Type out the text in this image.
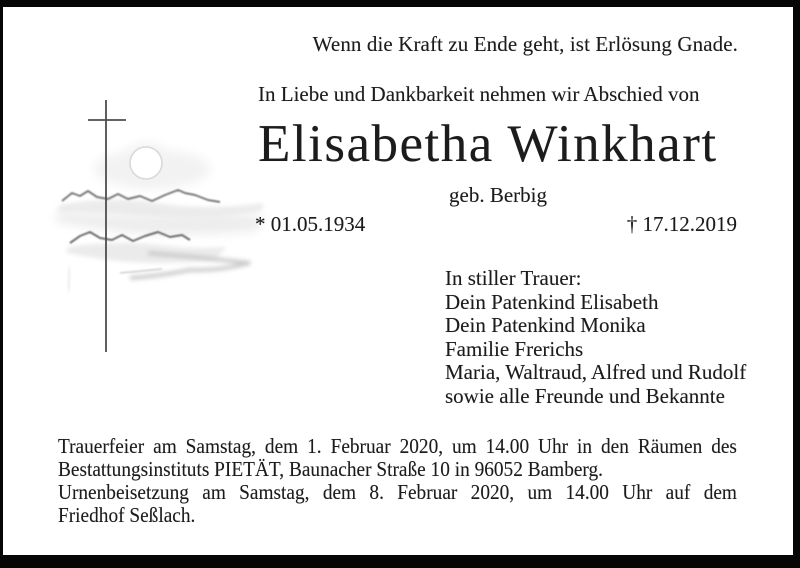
Wenn die Kraft zu Ende geht, ist Erlösung Gnade.
In Liebe und Dankbarkeit nehmen wir Abschied von
Elisabetha Winkhart
geb. Berbig
* 01.05.1934	† 17.12.2019
In stiller Trauer:
Dein Patenkind Elisabeth
Dein Patenkind Monika
Familie Frerichs
Maria, Waltraud, Alfred und Rudolf
sowie alle Freunde und Bekannte
Trauerfeier am Samstag, dem 1. Februar 2020, um 14.00 Uhr in den Räumen des
Bestattungsinstituts PIETÄT, Baunacher Straße 10 in 96052 Bamberg.
Urnenbeisetzung am Samstag, dem 8. Februar 2020, um 14.00 Uhr auf dem
Friedhof Seßlach.
